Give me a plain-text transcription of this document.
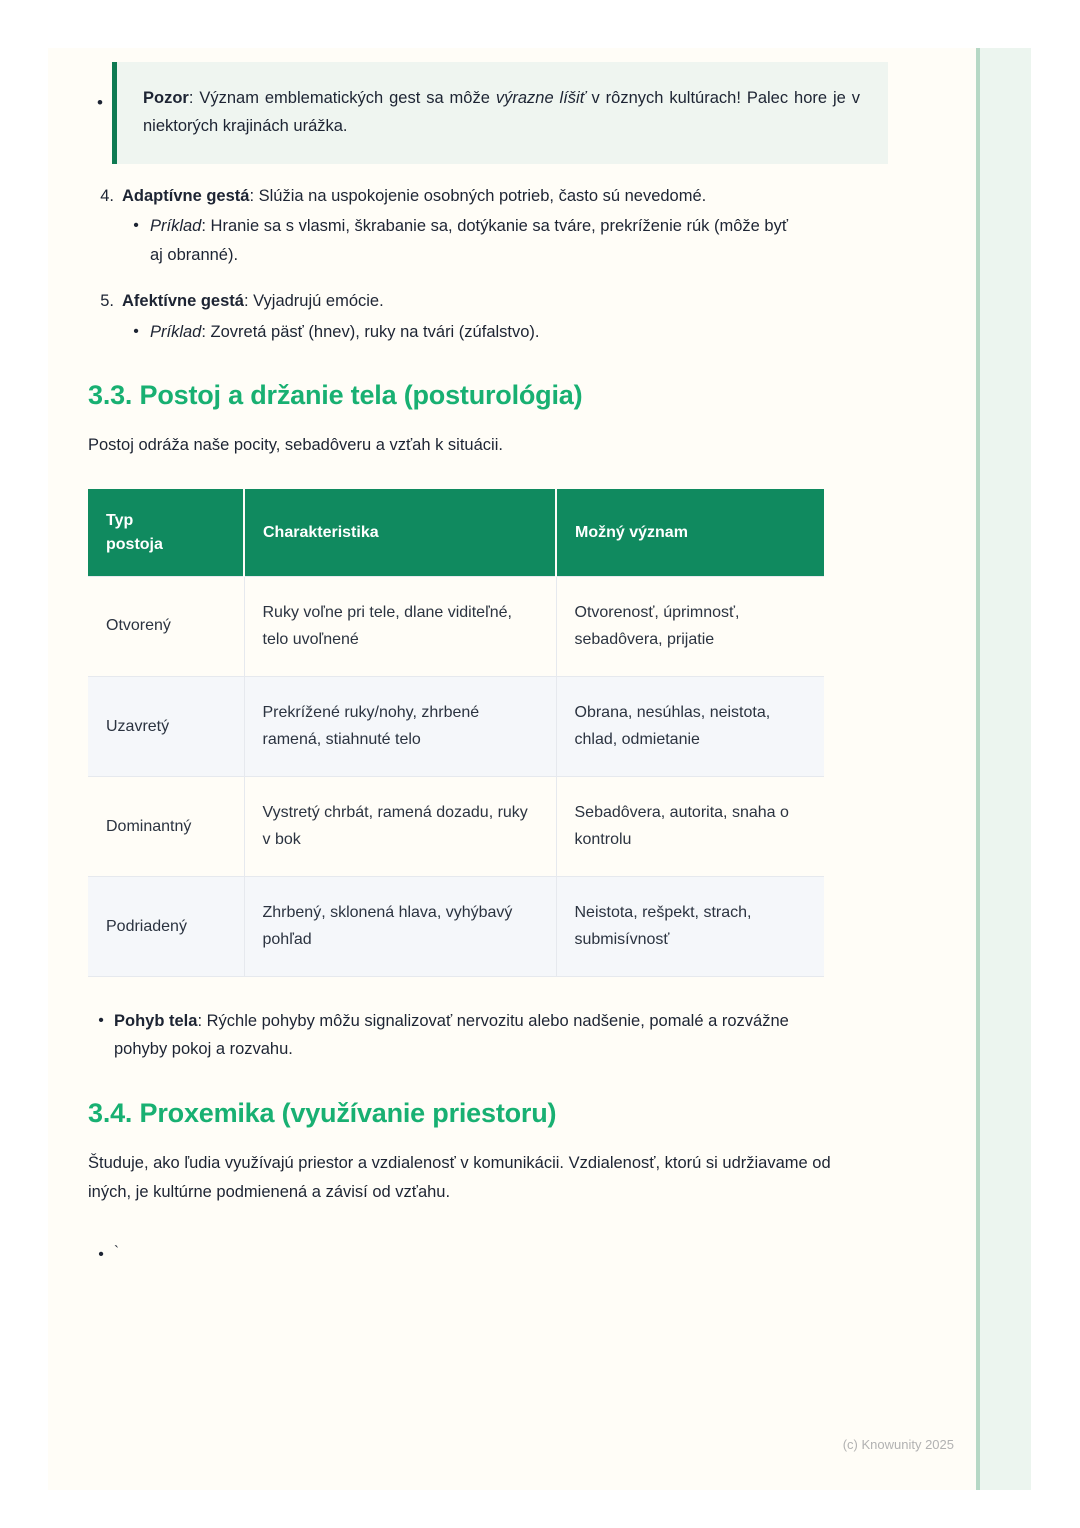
•

Pozor: Význam emblematických gest sa môže výrazne líšiť v rôznych kultúrach! Palec hore je v niektorých krajinách urážka.

4. Adaptívne gestá: Slúžia na uspokojenie osobných potrieb, často sú nevedomé.
•
Príklad: Hranie sa s vlasmi, škrabanie sa, dotýkanie sa tváre, prekríženie rúk (môže byť aj obranné).
5. Afektívne gestá: Vyjadrujú emócie.
•
Príklad: Zovretá päsť (hnev), ruky na tvári (zúfalstvo).
3.3. Postoj a držanie tela (posturológia)

Postoj odráža naše pocity, sebadôveru a vzťah k situácii.

Typ postoja	Charakteristika	Možný význam
Otvorený	Ruky voľne pri tele, dlane viditeľné, telo uvoľnené	Otvorenosť, úprimnosť, sebadôvera, prijatie
Uzavretý	Prekrížené ruky/nohy, zhrbené ramená, stiahnuté telo	Obrana, nesúhlas, neistota, chlad, odmietanie
Dominantný	Vystretý chrbát, ramená dozadu, ruky v bok	Sebadôvera, autorita, snaha o kontrolu
Podriadený	Zhrbený, sklonená hlava, vyhýbavý pohľad	Neistota, rešpekt, strach, submisívnosť
•
Pohyb tela: Rýchle pohyby môžu signalizovať nervozitu alebo nadšenie, pomalé a rozvážne pohyby pokoj a rozvahu.
3.4. Proxemika (využívanie priestoru)

Študuje, ako ľudia využívajú priestor a vzdialenosť v komunikácii. Vzdialenosť, ktorú si udržiavame od iných, je kultúrne podmienená a závisí od vzťahu.

•
`
(c) Knowunity 2025
